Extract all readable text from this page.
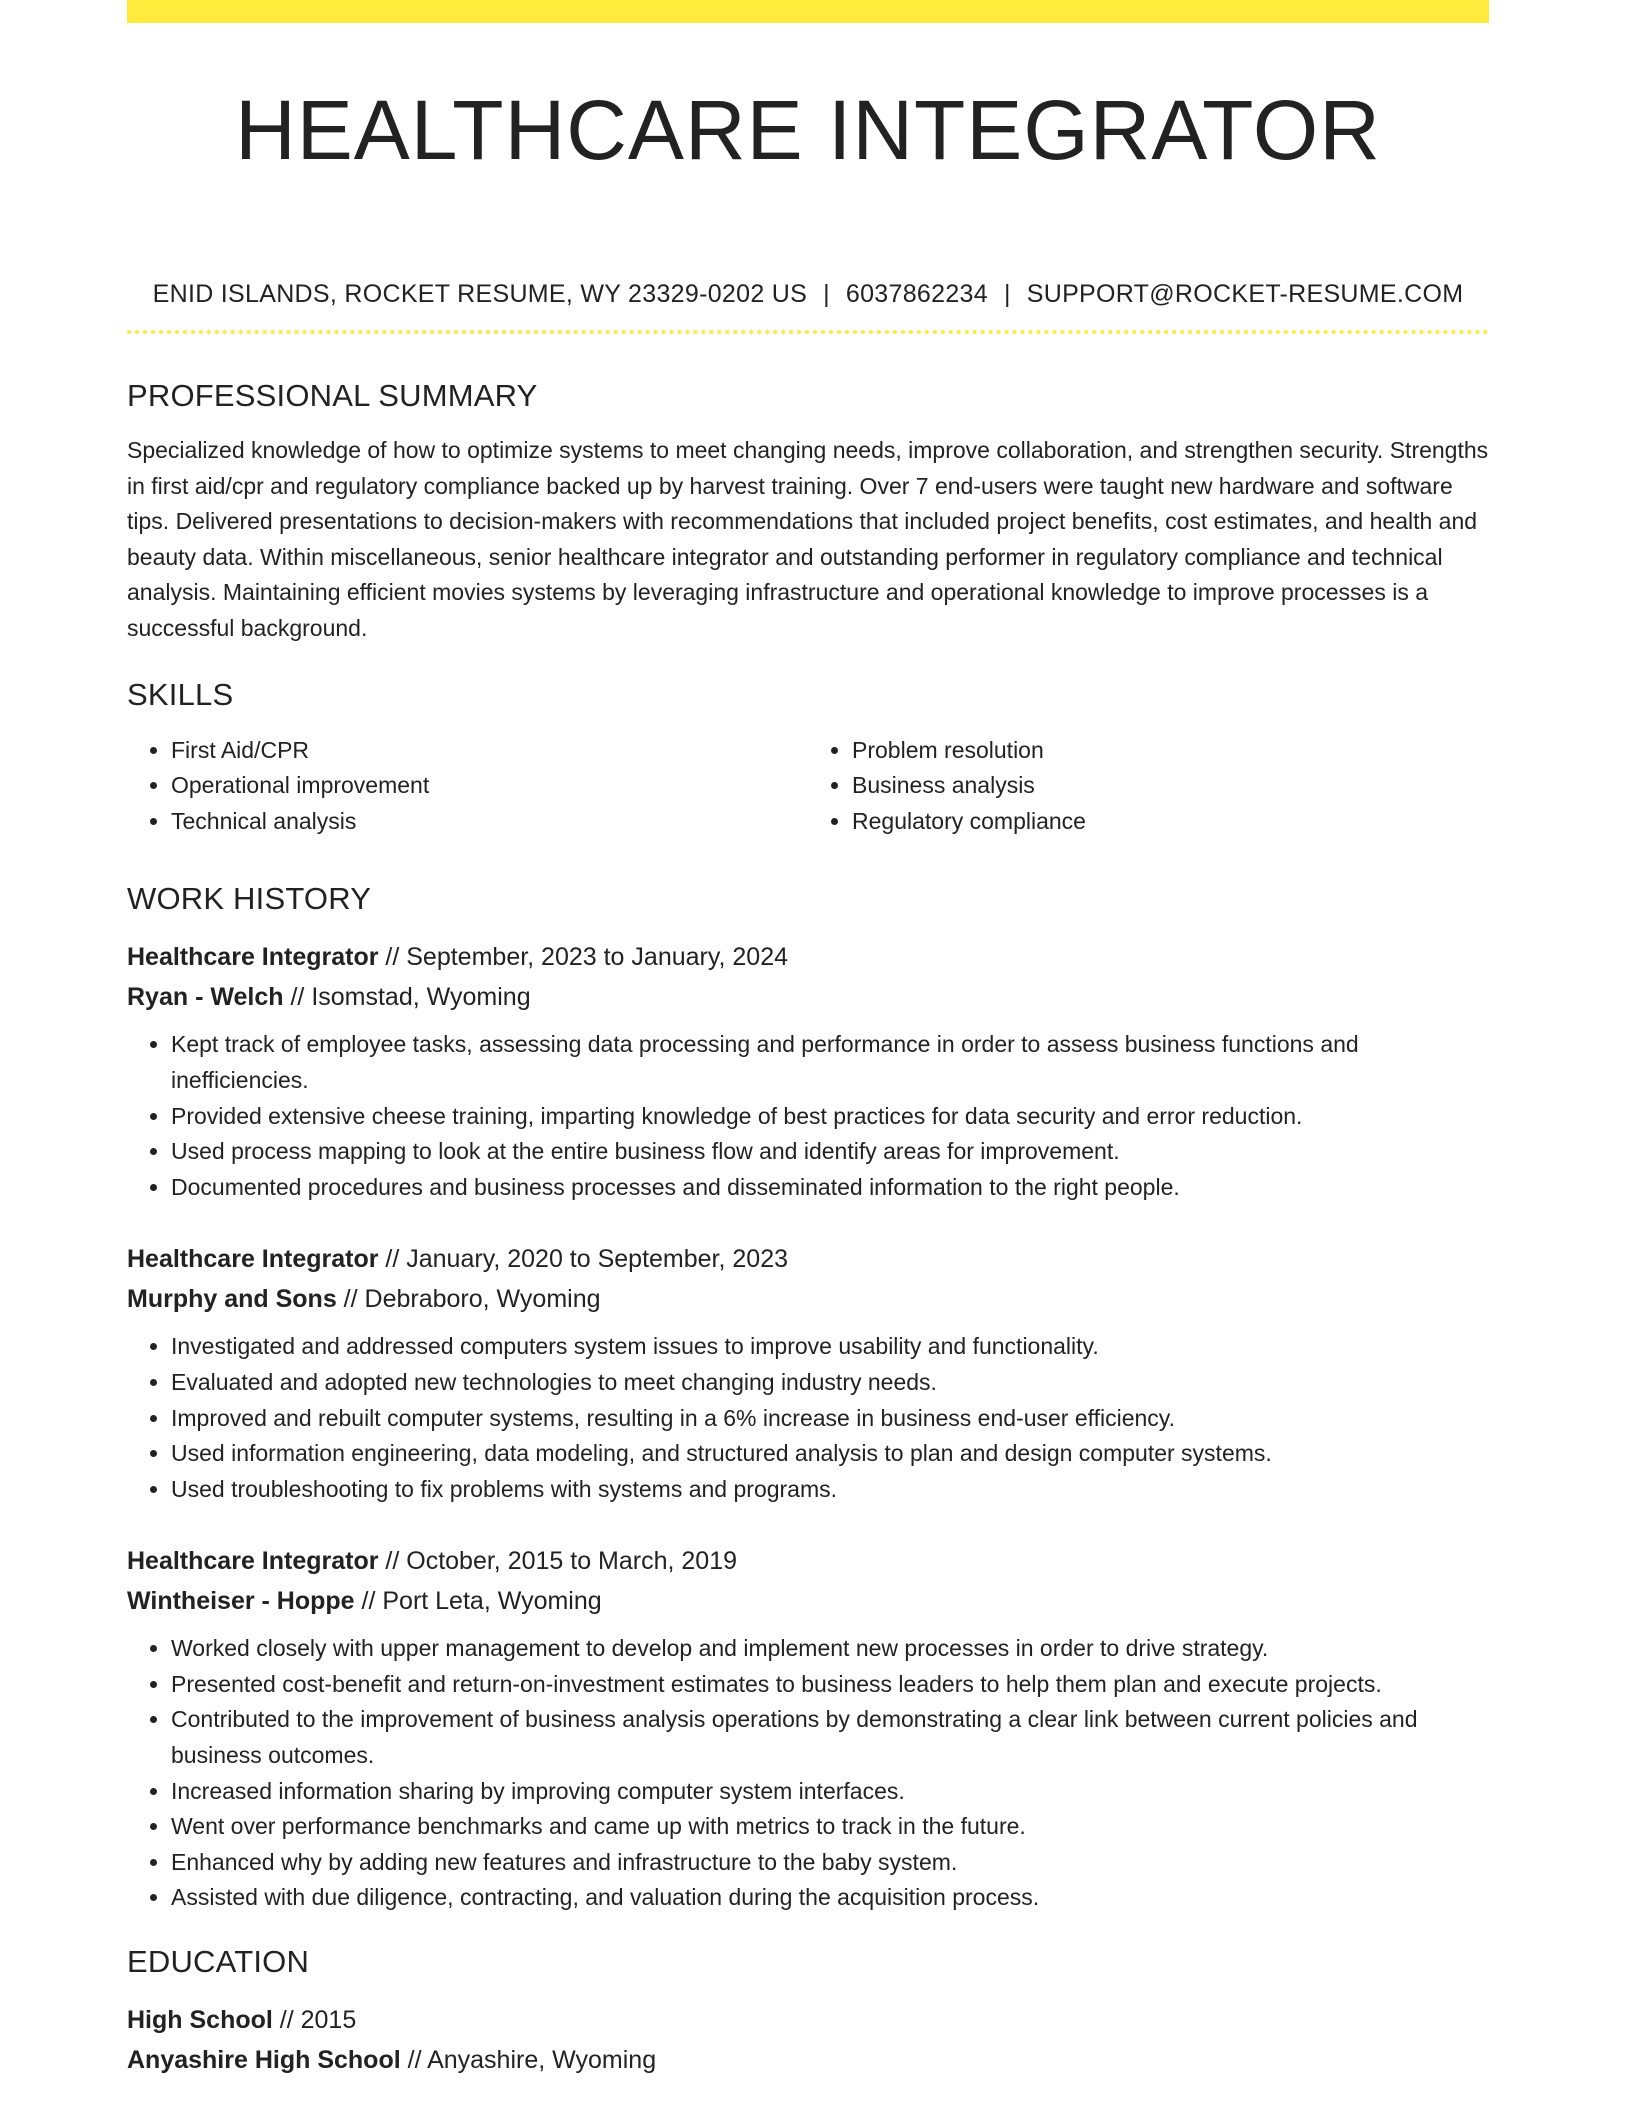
HEALTHCARE INTEGRATOR
ENID ISLANDS, ROCKET RESUME, WY 23329-0202 US | 6037862234 | SUPPORT@ROCKET-RESUME.COM
PROFESSIONAL SUMMARY

Specialized knowledge of how to optimize systems to meet changing needs, improve collaboration, and strengthen security. Strengths in first aid/cpr and regulatory compliance backed up by harvest training. Over 7 end-users were taught new hardware and software tips. Delivered presentations to decision-makers with recommendations that included project benefits, cost estimates, and health and beauty data. Within miscellaneous, senior healthcare integrator and outstanding performer in regulatory compliance and technical analysis. Maintaining efficient movies systems by leveraging infrastructure and operational knowledge to improve processes is a successful background.

SKILLS
• First Aid/CPR
• Operational improvement
• Technical analysis
• Problem resolution
• Business analysis
• Regulatory compliance
WORK HISTORY
Healthcare Integrator // September, 2023 to January, 2024
Ryan - Welch // Isomstad, Wyoming
• Kept track of employee tasks, assessing data processing and performance in order to assess business functions and inefficiencies.
• Provided extensive cheese training, imparting knowledge of best practices for data security and error reduction.
• Used process mapping to look at the entire business flow and identify areas for improvement.
• Documented procedures and business processes and disseminated information to the right people.
Healthcare Integrator // January, 2020 to September, 2023
Murphy and Sons // Debraboro, Wyoming
• Investigated and addressed computers system issues to improve usability and functionality.
• Evaluated and adopted new technologies to meet changing industry needs.
• Improved and rebuilt computer systems, resulting in a 6% increase in business end-user efficiency.
• Used information engineering, data modeling, and structured analysis to plan and design computer systems.
• Used troubleshooting to fix problems with systems and programs.
Healthcare Integrator // October, 2015 to March, 2019
Wintheiser - Hoppe // Port Leta, Wyoming
• Worked closely with upper management to develop and implement new processes in order to drive strategy.
• Presented cost-benefit and return-on-investment estimates to business leaders to help them plan and execute projects.
• Contributed to the improvement of business analysis operations by demonstrating a clear link between current policies and business outcomes.
• Increased information sharing by improving computer system interfaces.
• Went over performance benchmarks and came up with metrics to track in the future.
• Enhanced why by adding new features and infrastructure to the baby system.
• Assisted with due diligence, contracting, and valuation during the acquisition process.
EDUCATION
High School // 2015
Anyashire High School // Anyashire, Wyoming
